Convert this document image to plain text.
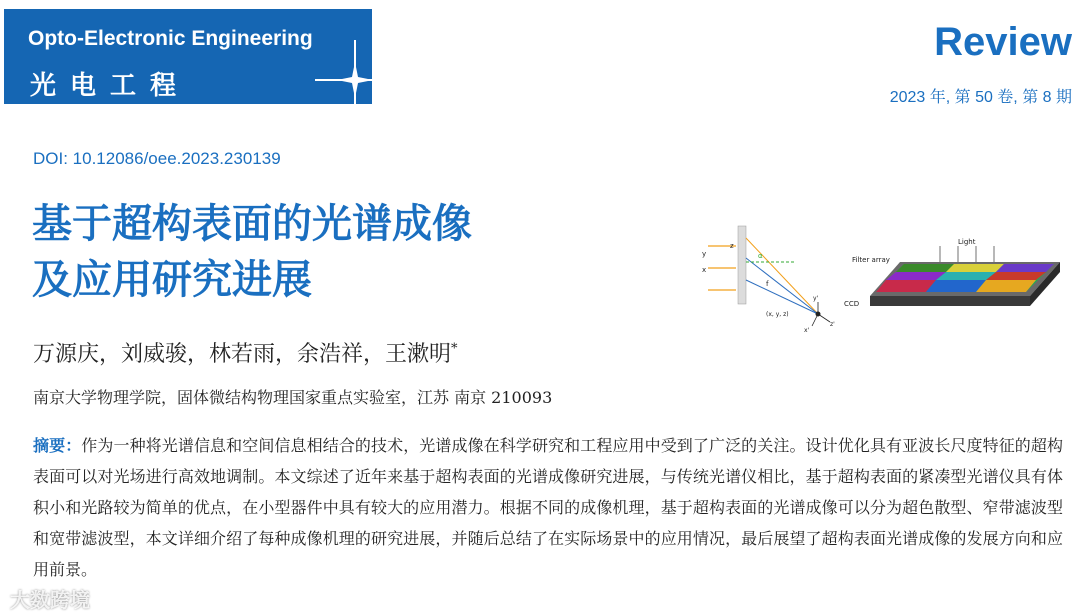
Opto-Electronic Engineering
光电工程
Review
2023 年, 第 50 卷, 第 8 期
DOI: 10.12086/oee.2023.230139
基于超构表面的光谱成像
及应用研究进展
万源庆，刘威骏，林若雨，余浩祥，王漱明*
南京大学物理学院，固体微结构物理国家重点实验室，江苏 南京 210093
摘要：作为一种将光谱信息和空间信息相结合的技术，光谱成像在科学研究和工程应用中受到了广泛的关注。设计优化具有亚波长尺度特征的超构表面可以对光场进行高效地调制。本文综述了近年来基于超构表面的光谱成像研究进展，与传统光谱仪相比，基于超构表面的紧凑型光谱仪具有体积小和光路较为简单的优点，在小型器件中具有较大的应用潜力。根据不同的成像机理，基于超构表面的光谱成像可以分为超色散型、窄带滤波型和宽带滤波型，本文详细介绍了每种成像机理的研究进展，并随后总结了在实际场景中的应用情况，最后展望了超构表面光谱成像的发展方向和应用前景。
y
z
x
α
f
(x, y, z)
y'
x'
z'
Light
Filter array
CCD
大数跨境
